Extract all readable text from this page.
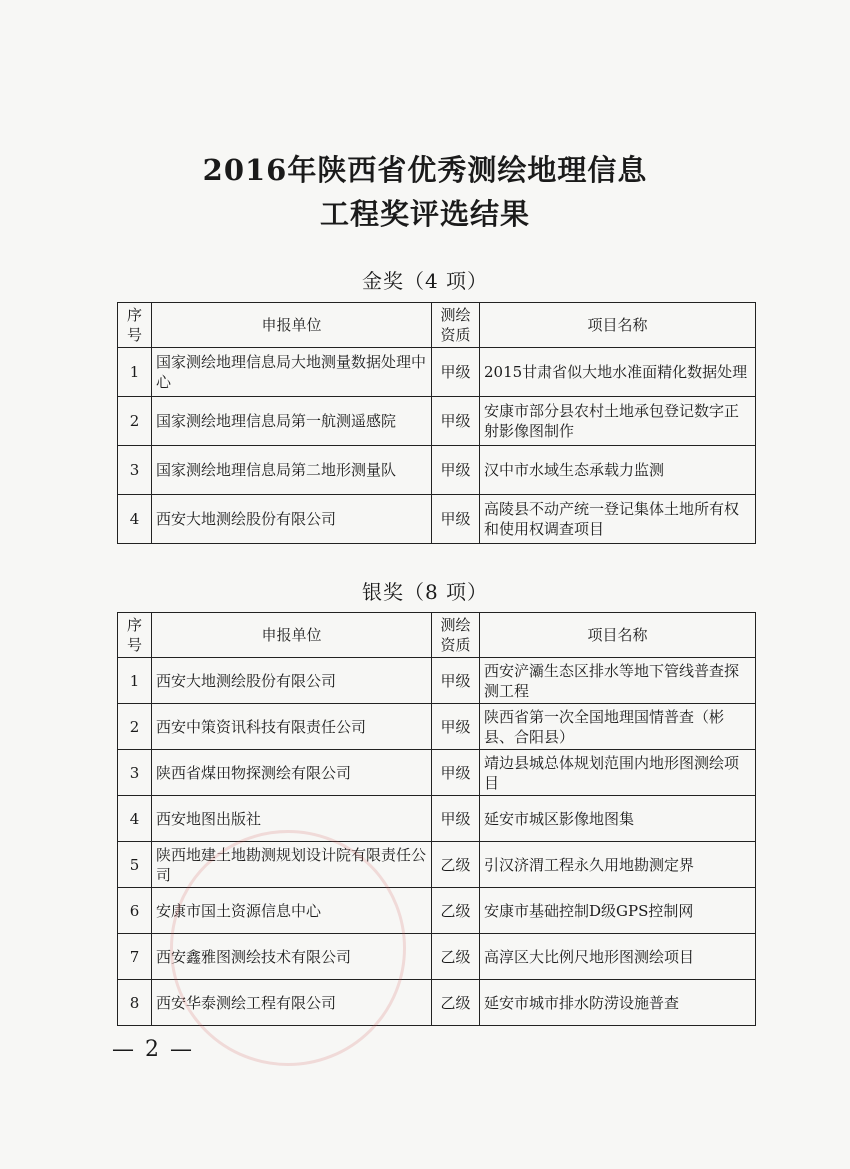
2016年陕西省优秀测绘地理信息
工程奖评选结果
金奖（4 项）
序号	申报单位	测绘资质	项目名称
1	国家测绘地理信息局大地测量数据处理中心	甲级	2015甘肃省似大地水准面精化数据处理
2	国家测绘地理信息局第一航测遥感院	甲级	安康市部分县农村土地承包登记数字正射影像图制作
3	国家测绘地理信息局第二地形测量队	甲级	汉中市水域生态承载力监测
4	西安大地测绘股份有限公司	甲级	高陵县不动产统一登记集体土地所有权和使用权调查项目
银奖（8 项）
序号	申报单位	测绘资质	项目名称
1	西安大地测绘股份有限公司	甲级	西安浐灞生态区排水等地下管线普查探测工程
2	西安中策资讯科技有限责任公司	甲级	陕西省第一次全国地理国情普查（彬县、合阳县）
3	陕西省煤田物探测绘有限公司	甲级	靖边县城总体规划范围内地形图测绘项目
4	西安地图出版社	甲级	延安市城区影像地图集
5	陕西地建土地勘测规划设计院有限责任公司	乙级	引汉济渭工程永久用地勘测定界
6	安康市国土资源信息中心	乙级	安康市基础控制D级GPS控制网
7	西安鑫雅图测绘技术有限公司	乙级	高淳区大比例尺地形图测绘项目
8	西安华泰测绘工程有限公司	乙级	延安市城市排水防涝设施普查
— 2 —
